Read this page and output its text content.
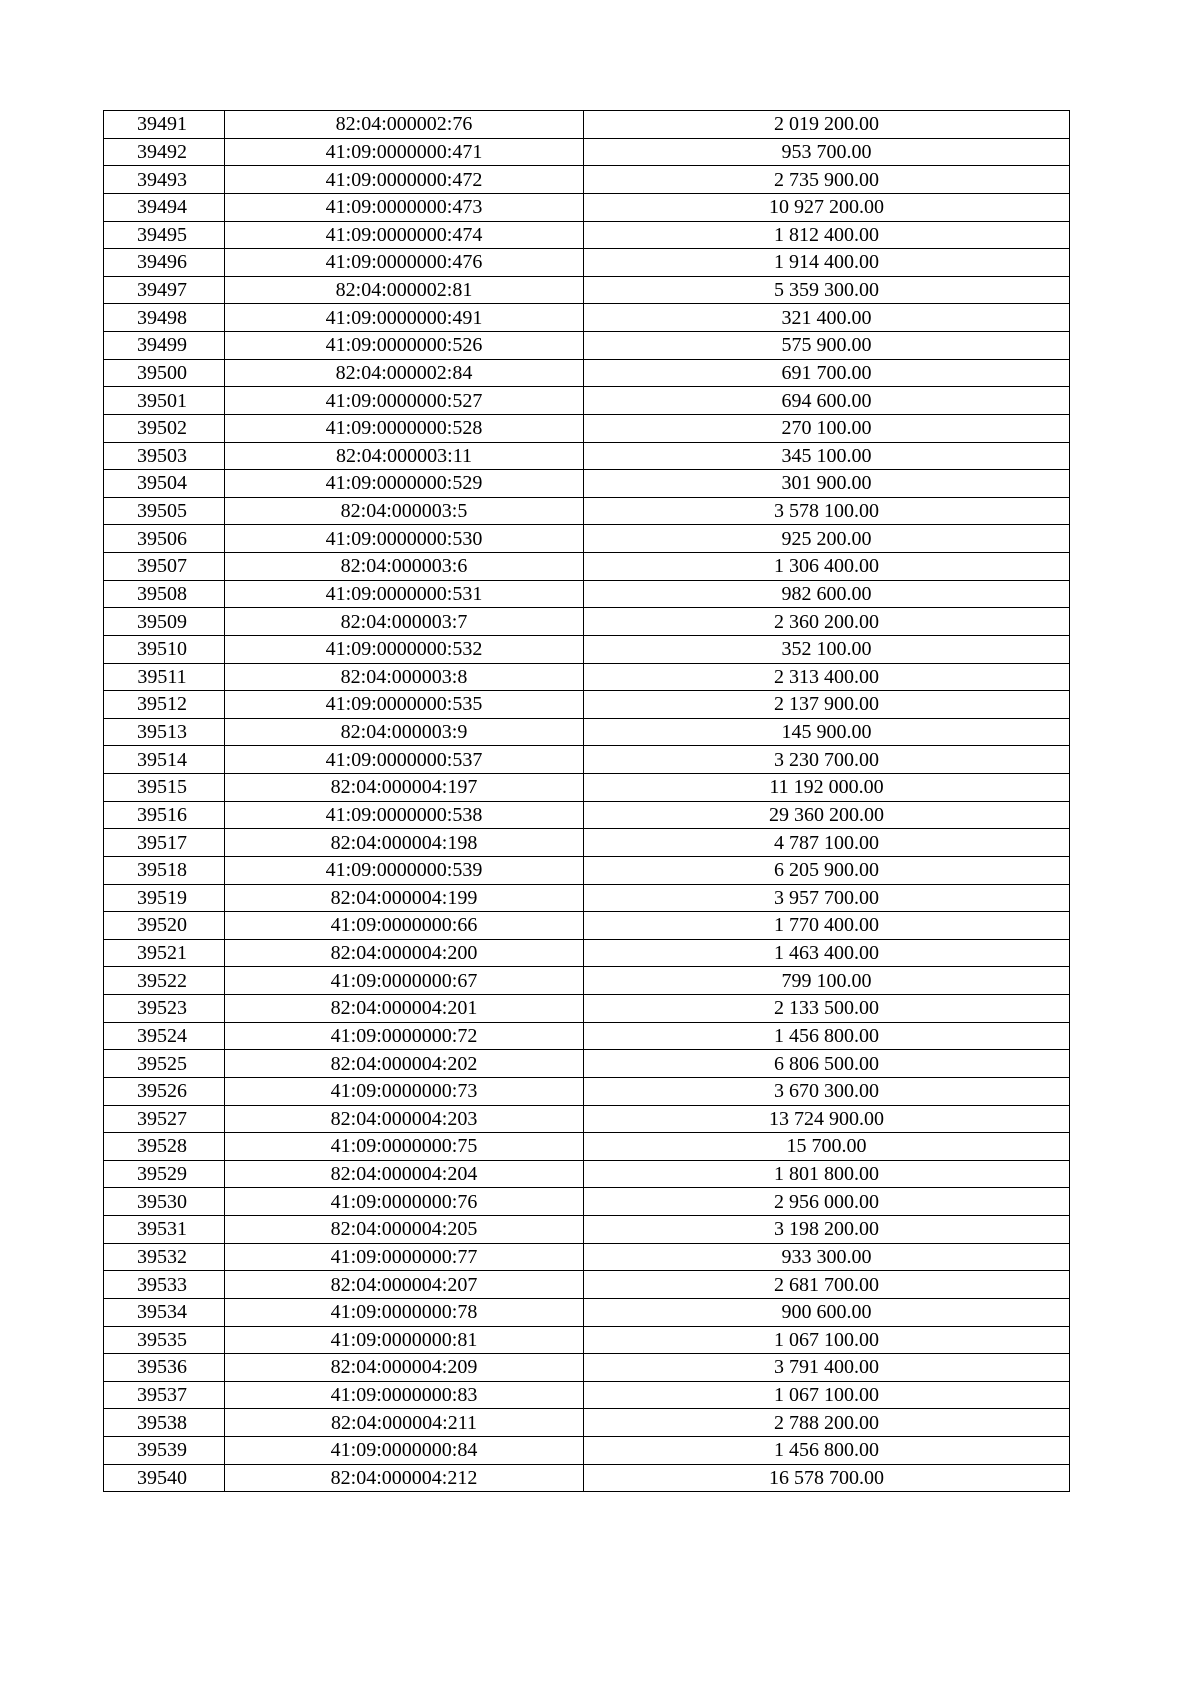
39491	82:04:000002:76	2 019 200.00
39492	41:09:0000000:471	953 700.00
39493	41:09:0000000:472	2 735 900.00
39494	41:09:0000000:473	10 927 200.00
39495	41:09:0000000:474	1 812 400.00
39496	41:09:0000000:476	1 914 400.00
39497	82:04:000002:81	5 359 300.00
39498	41:09:0000000:491	321 400.00
39499	41:09:0000000:526	575 900.00
39500	82:04:000002:84	691 700.00
39501	41:09:0000000:527	694 600.00
39502	41:09:0000000:528	270 100.00
39503	82:04:000003:11	345 100.00
39504	41:09:0000000:529	301 900.00
39505	82:04:000003:5	3 578 100.00
39506	41:09:0000000:530	925 200.00
39507	82:04:000003:6	1 306 400.00
39508	41:09:0000000:531	982 600.00
39509	82:04:000003:7	2 360 200.00
39510	41:09:0000000:532	352 100.00
39511	82:04:000003:8	2 313 400.00
39512	41:09:0000000:535	2 137 900.00
39513	82:04:000003:9	145 900.00
39514	41:09:0000000:537	3 230 700.00
39515	82:04:000004:197	11 192 000.00
39516	41:09:0000000:538	29 360 200.00
39517	82:04:000004:198	4 787 100.00
39518	41:09:0000000:539	6 205 900.00
39519	82:04:000004:199	3 957 700.00
39520	41:09:0000000:66	1 770 400.00
39521	82:04:000004:200	1 463 400.00
39522	41:09:0000000:67	799 100.00
39523	82:04:000004:201	2 133 500.00
39524	41:09:0000000:72	1 456 800.00
39525	82:04:000004:202	6 806 500.00
39526	41:09:0000000:73	3 670 300.00
39527	82:04:000004:203	13 724 900.00
39528	41:09:0000000:75	15 700.00
39529	82:04:000004:204	1 801 800.00
39530	41:09:0000000:76	2 956 000.00
39531	82:04:000004:205	3 198 200.00
39532	41:09:0000000:77	933 300.00
39533	82:04:000004:207	2 681 700.00
39534	41:09:0000000:78	900 600.00
39535	41:09:0000000:81	1 067 100.00
39536	82:04:000004:209	3 791 400.00
39537	41:09:0000000:83	1 067 100.00
39538	82:04:000004:211	2 788 200.00
39539	41:09:0000000:84	1 456 800.00
39540	82:04:000004:212	16 578 700.00
